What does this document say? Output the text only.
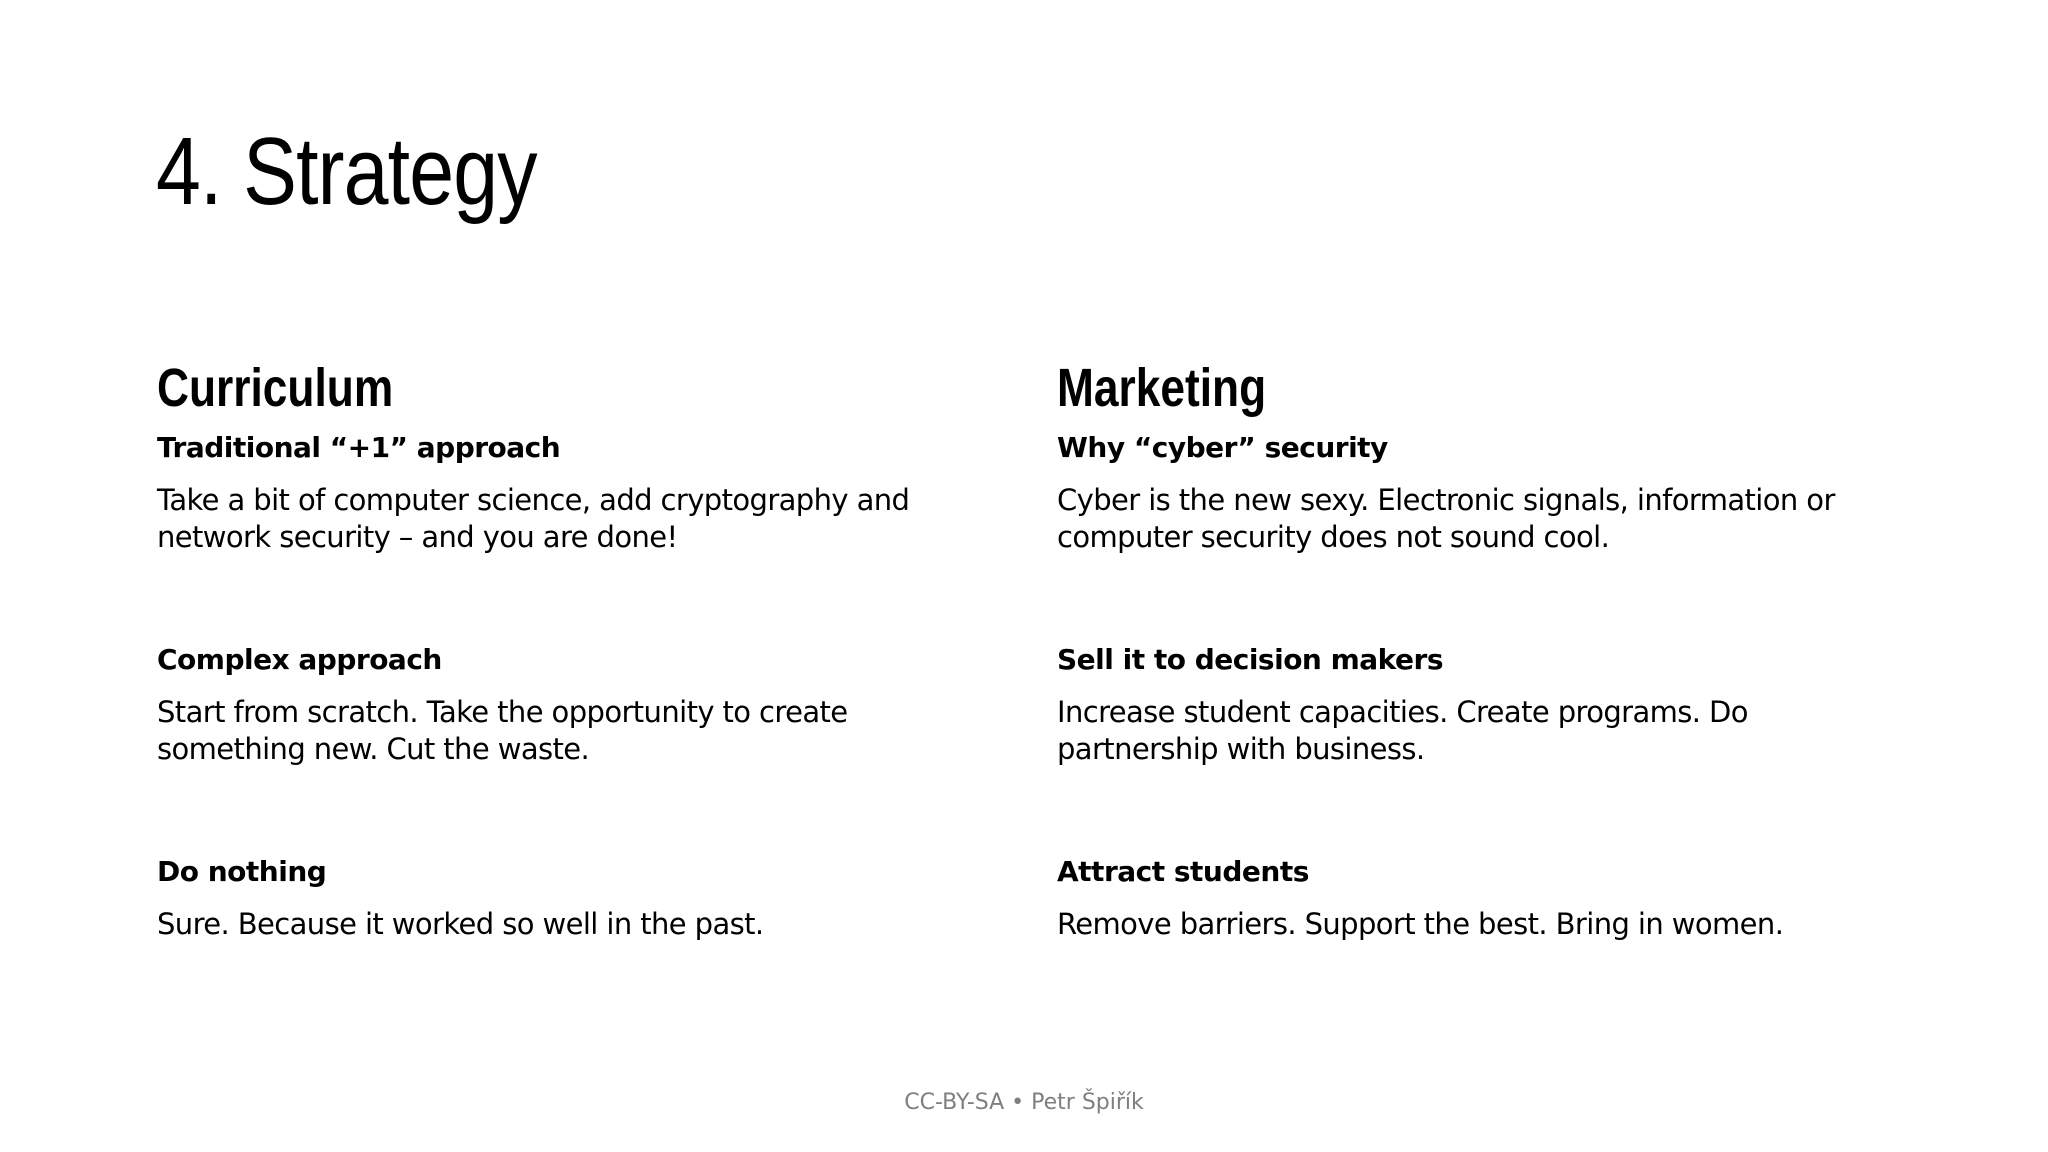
4. Strategy
Curriculum
Traditional “+1” approach

Take a bit of computer science, add cryptography and network security – and you are done!

Complex approach

Start from scratch. Take the opportunity to create something new. Cut the waste.

Do nothing

Sure. Because it worked so well in the past.

Marketing
Why “cyber” security

Cyber is the new sexy. Electronic signals, information or computer security does not sound cool.

Sell it to decision makers

Increase student capacities. Create programs. Do partnership with business.

Attract students

Remove barriers. Support the best. Bring in women.

CC-BY-SA • Petr Špiřík
